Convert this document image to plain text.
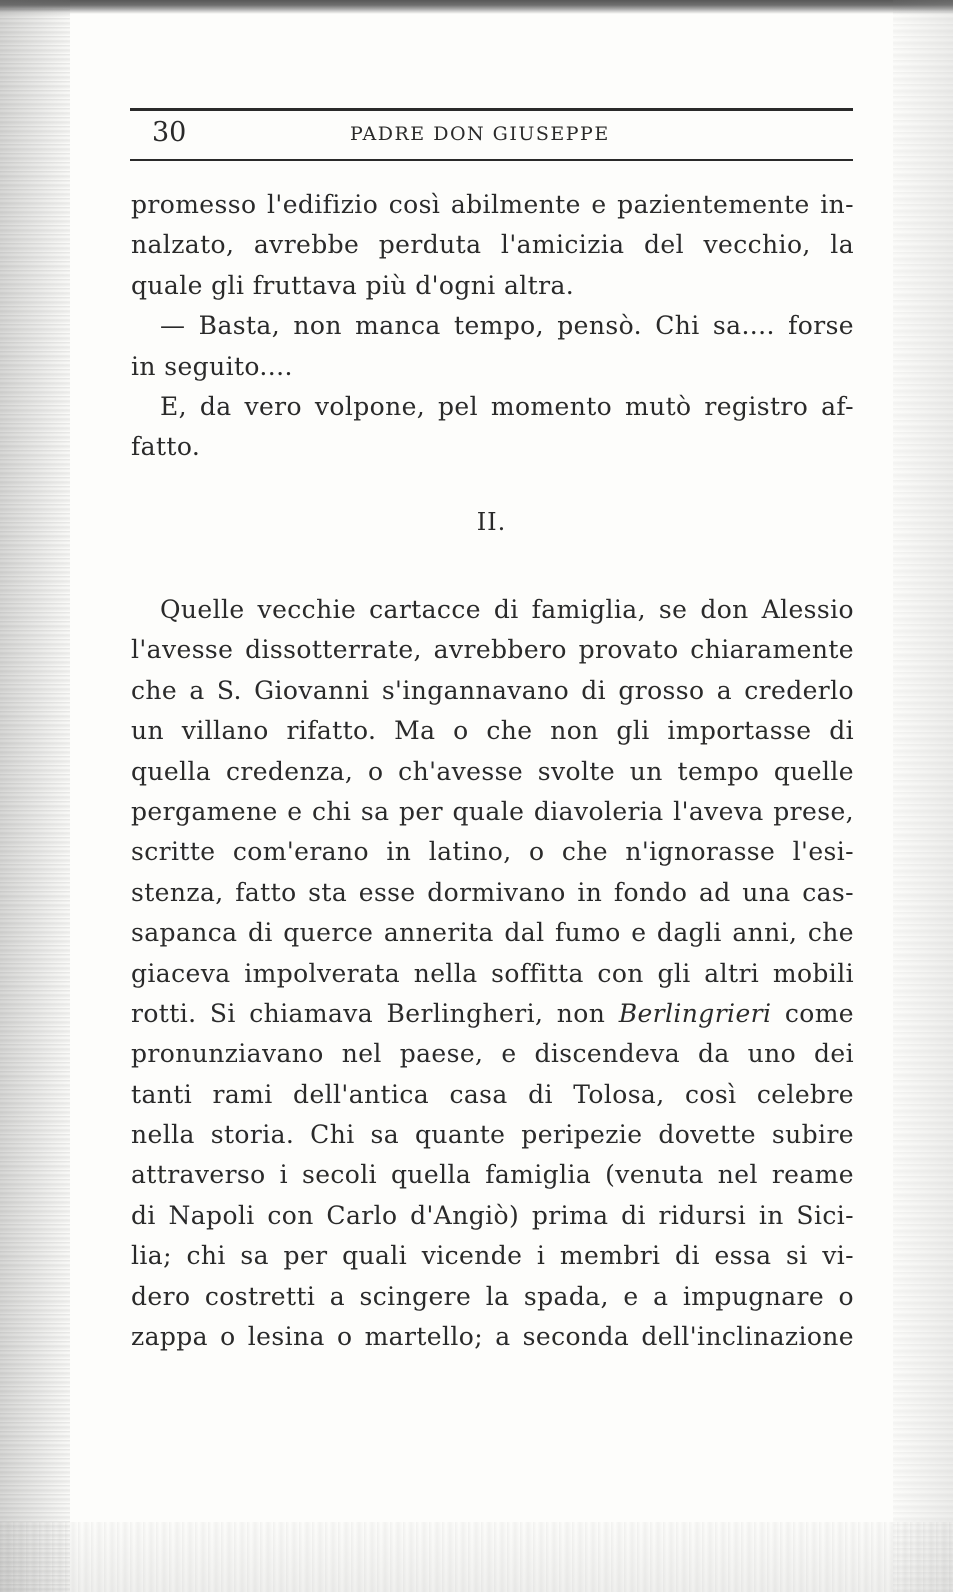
30	PADRE DON GIUSEPPE
promesso l'edifizio così abilmente e pazientemente in-
nalzato, avrebbe perduta l'amicizia del vecchio, la
quale gli fruttava più d'ogni altra.
— Basta, non manca tempo, pensò. Chi sa.... forse
in seguito....
E, da vero volpone, pel momento mutò registro af-
fatto.
II.
Quelle vecchie cartacce di famiglia, se don Alessio
l'avesse dissotterrate, avrebbero provato chiaramente
che a S. Giovanni s'ingannavano di grosso a crederlo
un villano rifatto. Ma o che non gli importasse di
quella credenza, o ch'avesse svolte un tempo quelle
pergamene e chi sa per quale diavoleria l'aveva prese,
scritte com'erano in latino, o che n'ignorasse l'esi-
stenza, fatto sta esse dormivano in fondo ad una cas-
sapanca di querce annerita dal fumo e dagli anni, che
giaceva impolverata nella soffitta con gli altri mobili
rotti. Si chiamava Berlingheri, non Berlingrieri come
pronunziavano nel paese, e discendeva da uno dei
tanti rami dell'antica casa di Tolosa, così celebre
nella storia. Chi sa quante peripezie dovette subire
attraverso i secoli quella famiglia (venuta nel reame
di Napoli con Carlo d'Angiò) prima di ridursi in Sici-
lia; chi sa per quali vicende i membri di essa si vi-
dero costretti a scingere la spada, e a impugnare o
zappa o lesina o martello; a seconda dell'inclinazione
